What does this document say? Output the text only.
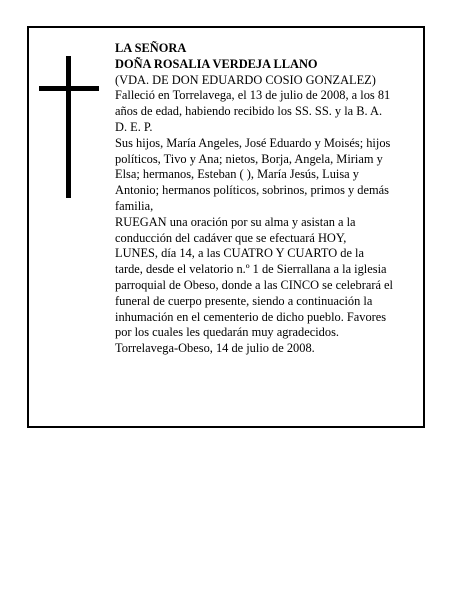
LA SEÑORA
DOÑA ROSALIA VERDEJA LLANO
(VDA. DE DON EDUARDO COSIO GONZALEZ)
Falleció en Torrelavega, el 13 de julio de 2008, a los 81
años de edad, habiendo recibido los SS. SS. y la B. A.
D. E. P.
Sus hijos, María Angeles, José Eduardo y Moisés; hijos
políticos, Tivo y Ana; nietos, Borja, Angela, Miriam y
Elsa; hermanos, Esteban ( ), María Jesús, Luisa y
Antonio; hermanos políticos, sobrinos, primos y demás
familia,
RUEGAN una oración por su alma y asistan a la
conducción del cadáver que se efectuará HOY,
LUNES, día 14, a las CUATRO Y CUARTO de la
tarde, desde el velatorio n.º 1 de Sierrallana a la iglesia
parroquial de Obeso, donde a las CINCO se celebrará el
funeral de cuerpo presente, siendo a continuación la
inhumación en el cementerio de dicho pueblo. Favores
por los cuales les quedarán muy agradecidos.
Torrelavega-Obeso, 14 de julio de 2008.
